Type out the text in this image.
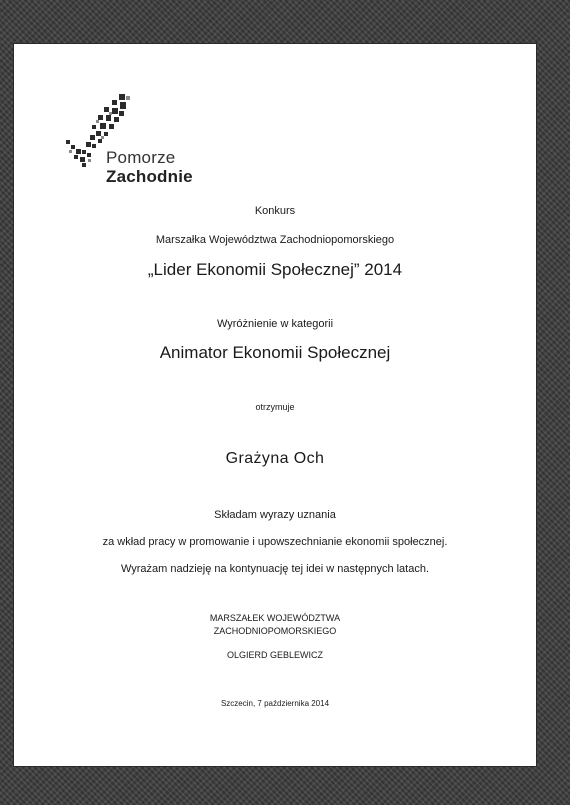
Pomorze
Zachodnie
Konkurs
Marszałka Województwa Zachodniopomorskiego
„Lider Ekonomii Społecznej” 2014
Wyróżnienie w kategorii
Animator Ekonomii Społecznej
otrzymuje
Grażyna Och
Składam wyrazy uznania
za wkład pracy w promowanie i upowszechnianie ekonomii społecznej.
Wyrażam nadzieję na kontynuację tej idei w następnych latach.
MARSZAŁEK WOJEWÓDZTWA
ZACHODNIOPOMORSKIEGO
OLGIERD GEBLEWICZ
Szczecin, 7 października 2014
